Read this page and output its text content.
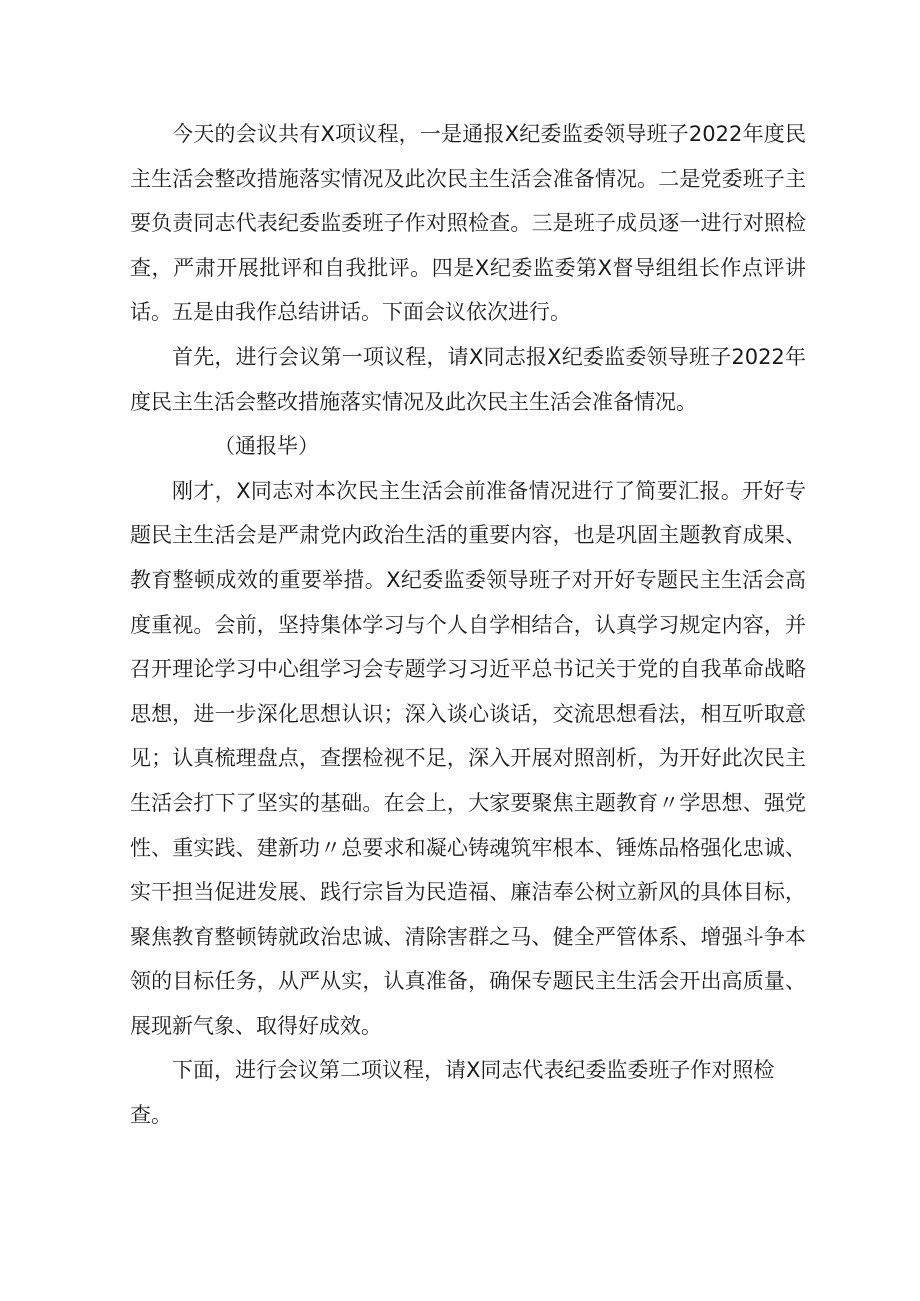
今天的会议共有X项议程，一是通报X纪委监委领导班子2022年度民主生活会整改措施落实情况及此次民主生活会准备情况。二是党委班子主要负责同志代表纪委监委班子作对照检查。三是班子成员逐一进行对照检查，严肃开展批评和自我批评。四是X纪委监委第X督导组组长作点评讲话。五是由我作总结讲话。下面会议依次进行。

首先，进行会议第一项议程，请X同志报X纪委监委领导班子2022年度民主生活会整改措施落实情况及此次民主生活会准备情况。

（通报毕）

刚才，X同志对本次民主生活会前准备情况进行了简要汇报。开好专题民主生活会是严肃党内政治生活的重要内容，也是巩固主题教育成果、教育整顿成效的重要举措。X纪委监委领导班子对开好专题民主生活会高度重视。会前，坚持集体学习与个人自学相结合，认真学习规定内容，并召开理论学习中心组学习会专题学习习近平总书记关于党的自我革命战略思想，进一步深化思想认识；深入谈心谈话，交流思想看法，相互听取意见；认真梳理盘点，查摆检视不足，深入开展对照剖析，为开好此次民主生活会打下了坚实的基础。在会上，大家要聚焦主题教育〃学思想、强党性、重实践、建新功〃总要求和凝心铸魂筑牢根本、锤炼品格强化忠诚、实干担当促进发展、践行宗旨为民造福、廉洁奉公树立新风的具体目标，聚焦教育整顿铸就政治忠诚、清除害群之马、健全严管体系、增强斗争本领的目标任务，从严从实，认真准备，确保专题民主生活会开出高质量、展现新气象、取得好成效。

下面，进行会议第二项议程，请X同志代表纪委监委班子作对照检

查。
